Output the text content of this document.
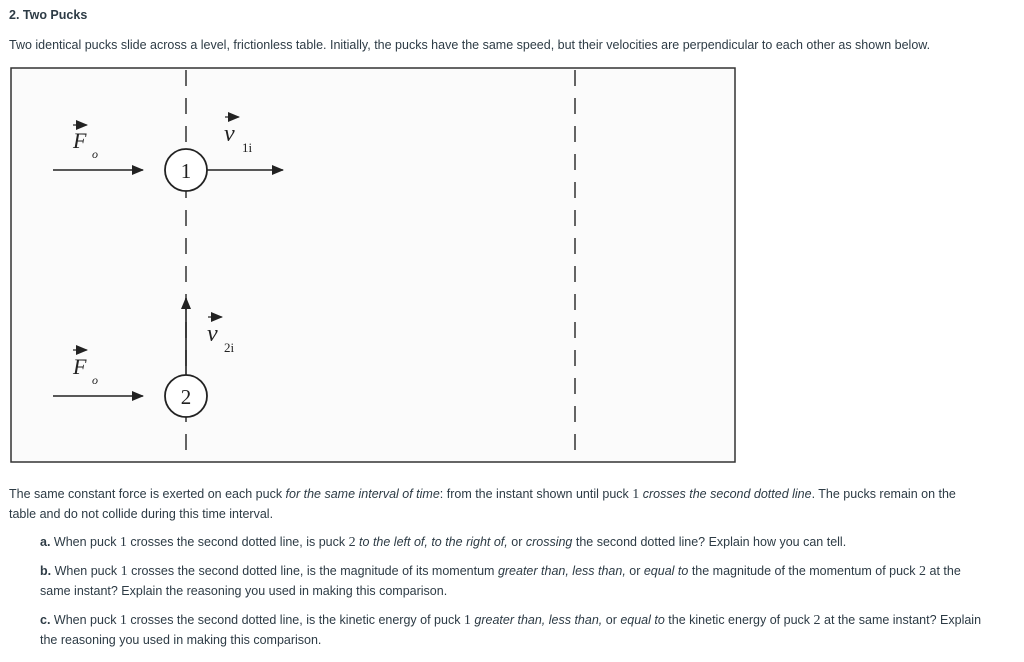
2. Two Pucks
Two identical pucks slide across a level, frictionless table. Initially, the pucks have the same speed, but their velocities are perpendicular to each other as shown below.
F
o
1
v
1i
v
2i
F
o
2
The same constant force is exerted on each puck for the same interval of time: from the instant shown until puck 1 crosses the second dotted line. The pucks remain on the table and do not collide during this time interval.
a. When puck 1 crosses the second dotted line, is puck 2 to the left of, to the right of, or crossing the second dotted line? Explain how you can tell.
b. When puck 1 crosses the second dotted line, is the magnitude of its momentum greater than, less than, or equal to the magnitude of the momentum of puck 2 at the same instant? Explain the reasoning you used in making this comparison.
c. When puck 1 crosses the second dotted line, is the kinetic energy of puck 1 greater than, less than, or equal to the kinetic energy of puck 2 at the same instant? Explain the reasoning you used in making this comparison.
